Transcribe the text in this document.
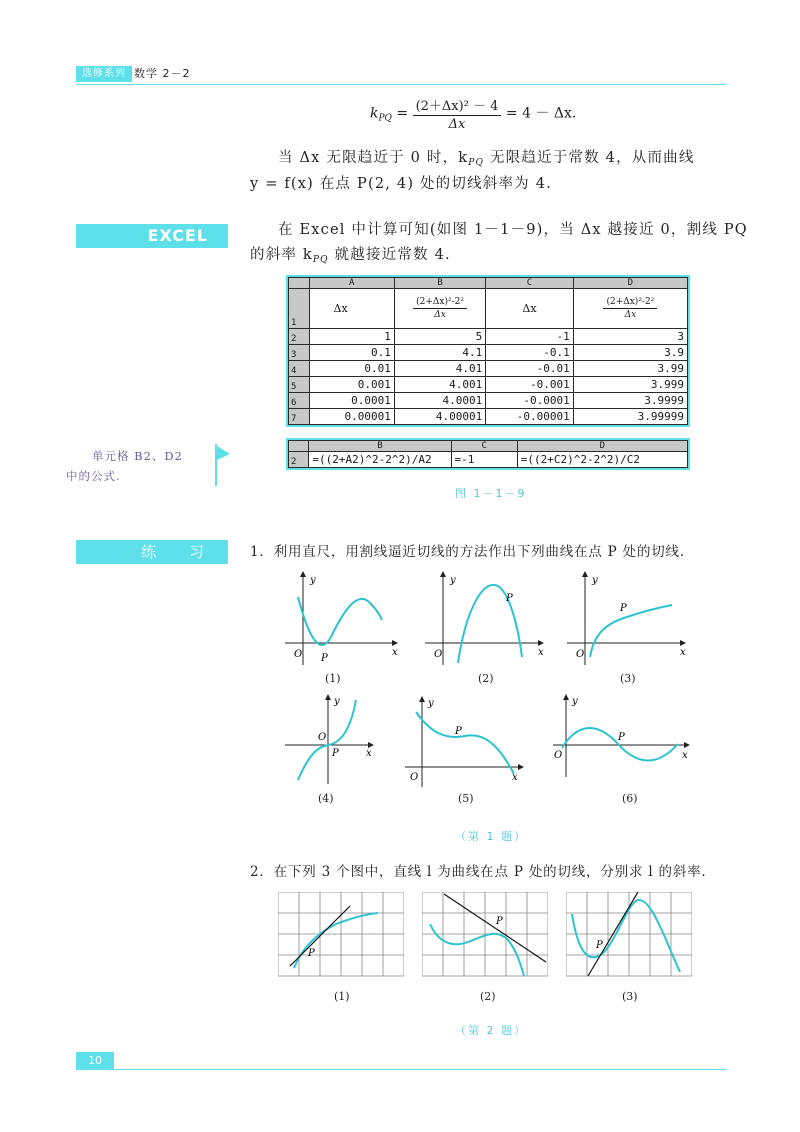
选修系列 数学 2－2
$k_{PQ} = \frac{\text{(2＋Δx)² － 4}}{\Delta x} = 4 - \Delta x$.
当 Δx 无限趋近于 0 时，$k_{PQ}$ 无限趋近于常数 4，从而曲线
y = f(x) 在点 P(2, 4) 处的切线斜率为 4.
EXCEL	在 Excel 中计算可知(如图 1－1－9)，当 Δx 越接近 0，割线 PQ
的斜率 $k_{PQ}$ 就越接近常数 4.
	A	B	C	D
1	Δx	$\frac{\text{(2+Δx)²-2²}}{\Delta x}$	Δx	$\frac{\text{(2+Δx)²-2²}}{\Delta x}$

2	1	5	-1	3
3	0.1	4.1	-0.1	3.9
4	0.01	4.01	-0.01	3.99
5	0.001	4.001	-0.001	3.999
6	0.0001	4.0001	-0.0001	3.9999
7	0.00001	4.00001	-0.00001	3.99999
	B	C	D
2	=((2+A2)^2-2^2)/A2	=-1	=((2+C2)^2-2^2)/C2
单元格 B2、D2
中的公式.
图 1－1－9
练 习	1．利用直尺，用割线逼近切线的方法作出下列曲线在点 P 处的切线.
O P
y
x
(1)
O
P
y
x
(2)
O
P
y
x
(3)
O
P
y
x
(4)
O
P
y
x
(5)
O
P
y
x
(6)
（第 1 题）
2．在下列 3 个图中，直线 l 为曲线在点 P 处的切线，分别求 l 的斜率.
P
(1)
P
(2)
P
(3)
（第 2 题）
10
